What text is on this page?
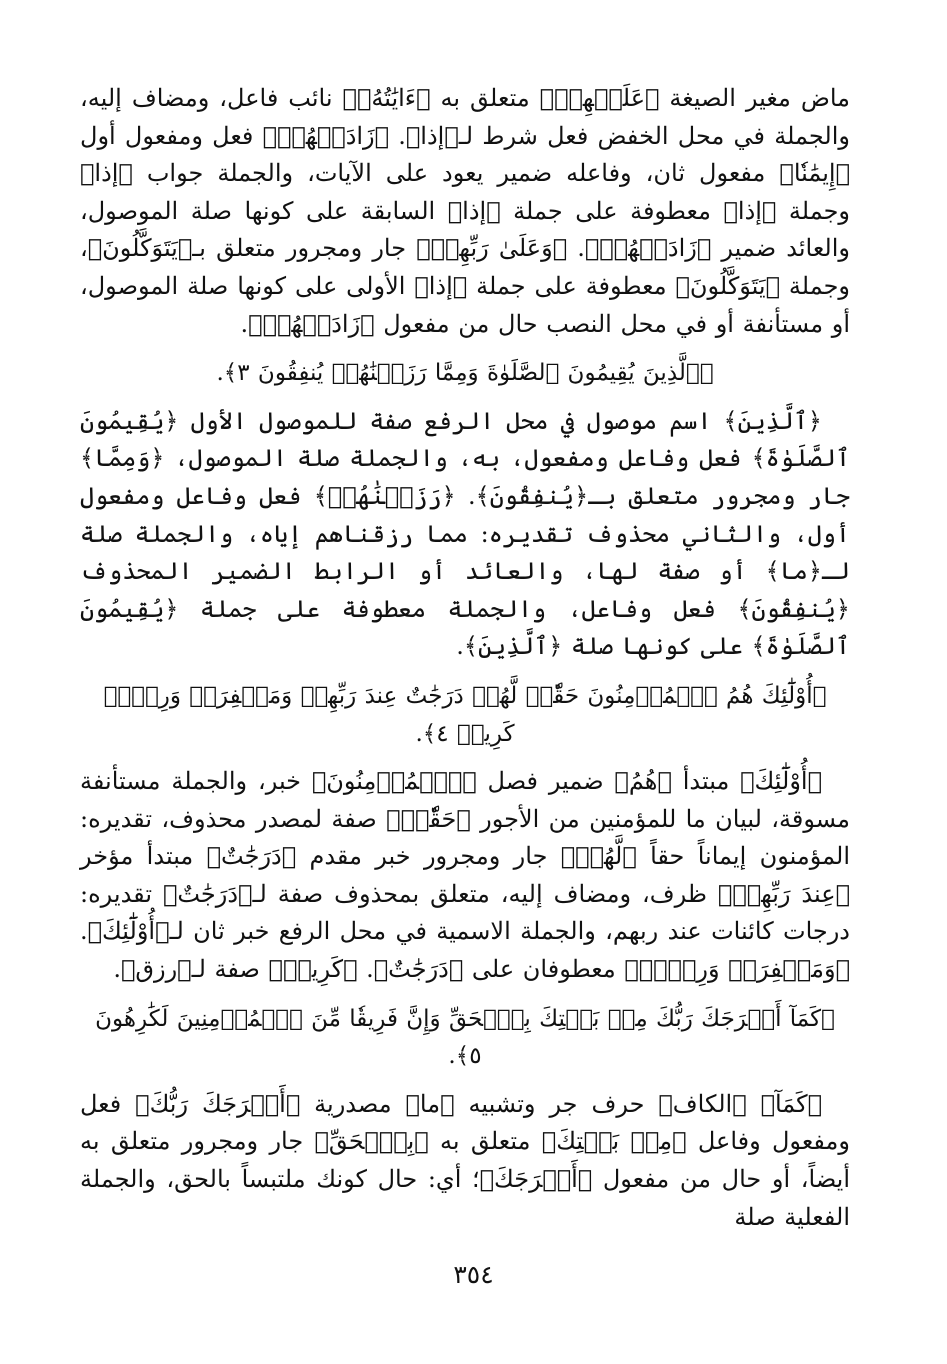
ماض مغير الصيغة ﴿عَلَيۡهِمۡ﴾ متعلق به ﴿ءَايَٰتُهُۥ﴾ نائب فاعل، ومضاف إليه، والجملة في محل الخفض فعل شرط لـ﴿إذا﴾. ﴿زَادَتۡهُمۡ﴾ فعل ومفعول أول ﴿إِيمَٰنٗا﴾ مفعول ثان، وفاعله ضمير يعود على الآيات، والجملة جواب ﴿إذا﴾ وجملة ﴿إذا﴾ معطوفة على جملة ﴿إذا﴾ السابقة على كونها صلة الموصول، والعائد ضمير ﴿زَادَتۡهُمۡ﴾. ﴿وَعَلَىٰ رَبِّهِمۡ﴾ جار ومجرور متعلق بـ﴿يَتَوَكَّلُونَ﴾، وجملة ﴿يَتَوَكَّلُونَ﴾ معطوفة على جملة ﴿إذا﴾ الأولى على كونها صلة الموصول، أو مستأنفة أو في محل النصب حال من مفعول ﴿زَادَتۡهُمۡ﴾.

﴿ٱلَّذِينَ يُقِيمُونَ ٱلصَّلَوٰةَ وَمِمَّا رَزَقۡنَٰهُمۡ يُنفِقُونَ ٣﴾.

﴿ٱلَّذِينَ﴾ اسم موصول في محل الرفع صفة للموصول الأول ﴿يُقِيمُونَ ٱلصَّلَوٰةَ﴾ فعل وفاعل ومفعول، به، والجملة صلة الموصول، ﴿وَمِمَّا﴾ جار ومجرور متعلق بـ﴿يُنفِقُونَ﴾. ﴿رَزَقۡنَٰهُمۡ﴾ فعل وفاعل ومفعول أول، والثاني محذوف تقديره: مما رزقناهم إياه، والجملة صلة لـ﴿ما﴾ أو صفة لها، والعائد أو الرابط الضمير المحذوف ﴿يُنفِقُونَ﴾ فعل وفاعل، والجملة معطوفة على جملة ﴿يُقِيمُونَ ٱلصَّلَوٰةَ﴾ على كونها صلة ﴿ٱلَّذِينَ﴾.

﴿أُوْلَٰٓئِكَ هُمُ ٱلۡمُؤۡمِنُونَ حَقّٗاۚ لَّهُمۡ دَرَجَٰتٌ عِندَ رَبِّهِمۡ وَمَغۡفِرَةٞ وَرِزۡقٞ كَرِيمٞ ٤﴾.

﴿أُوْلَٰٓئِكَ﴾ مبتدأ ﴿هُمُ﴾ ضمير فصل ﴿ٱلۡمُؤۡمِنُونَ﴾ خبر، والجملة مستأنفة مسوقة، لبيان ما للمؤمنين من الأجور ﴿حَقّٗاۚ﴾ صفة لمصدر محذوف، تقديره: المؤمنون إيماناً حقاً ﴿لَّهُمۡ﴾ جار ومجرور خبر مقدم ﴿دَرَجَٰتٌ﴾ مبتدأ مؤخر ﴿عِندَ رَبِّهِمۡ﴾ ظرف، ومضاف إليه، متعلق بمحذوف صفة لـ﴿دَرَجَٰتٌ﴾ تقديره: درجات كائنات عند ربهم، والجملة الاسمية في محل الرفع خبر ثان لـ﴿أُوْلَٰٓئِكَ﴾. ﴿وَمَغۡفِرَةٞ وَرِزۡقٞ﴾ معطوفان على ﴿دَرَجَٰتٌ﴾. ﴿كَرِيمٞ﴾ صفة لـ﴿رزق﴾.

﴿كَمَآ أَخۡرَجَكَ رَبُّكَ مِنۢ بَيۡتِكَ بِٱلۡحَقِّ وَإِنَّ فَرِيقٗا مِّنَ ٱلۡمُؤۡمِنِينَ لَكَٰرِهُونَ ٥﴾.

﴿كَمَآ﴾ ﴿الكاف﴾ حرف جر وتشبيه ﴿ما﴾ مصدرية ﴿أَخۡرَجَكَ رَبُّكَ﴾ فعل ومفعول وفاعل ﴿مِنۢ بَيۡتِكَ﴾ متعلق به ﴿بِٱلۡحَقِّ﴾ جار ومجرور متعلق به أيضاً، أو حال من مفعول ﴿أَخۡرَجَكَ﴾؛ أي: حال كونك ملتبساً بالحق، والجملة الفعلية صلة

٣٥٤
